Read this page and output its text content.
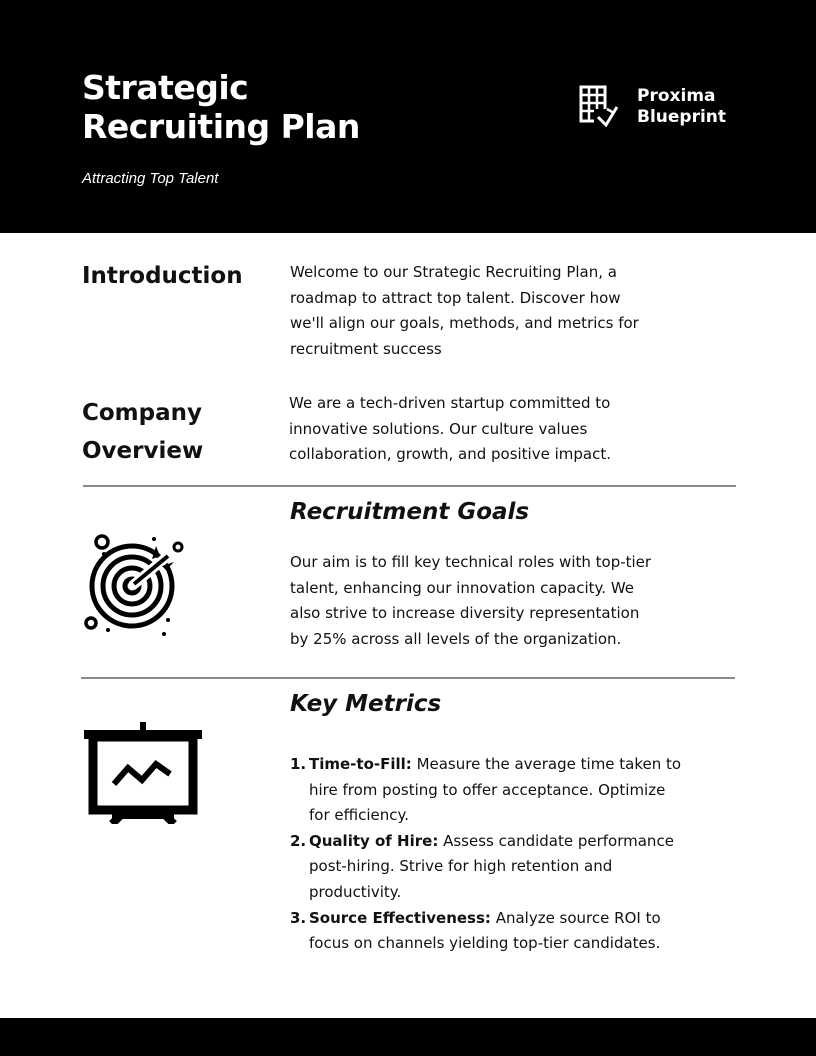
Strategic
Recruiting Plan
Attracting Top Talent
Proxima
Blueprint
Introduction	Welcome to our Strategic Recruiting Plan, a roadmap to attract top talent. Discover how we'll align our goals, methods, and metrics for recruitment success
Company
Overview
We are a tech-driven startup committed to innovative solutions. Our culture values collaboration, growth, and positive impact.
Recruitment Goals
Our aim is to fill key technical roles with top-tier talent, enhancing our innovation capacity. We also strive to increase diversity representation by 25% across all levels of the organization.
Key Metrics
1. Time-to-Fill: Measure the average time taken to hire from posting to offer acceptance. Optimize for efficiency.
2. Quality of Hire: Assess candidate performance post-hiring. Strive for high retention and productivity.
3. Source Effectiveness: Analyze source ROI to focus on channels yielding top-tier candidates.
